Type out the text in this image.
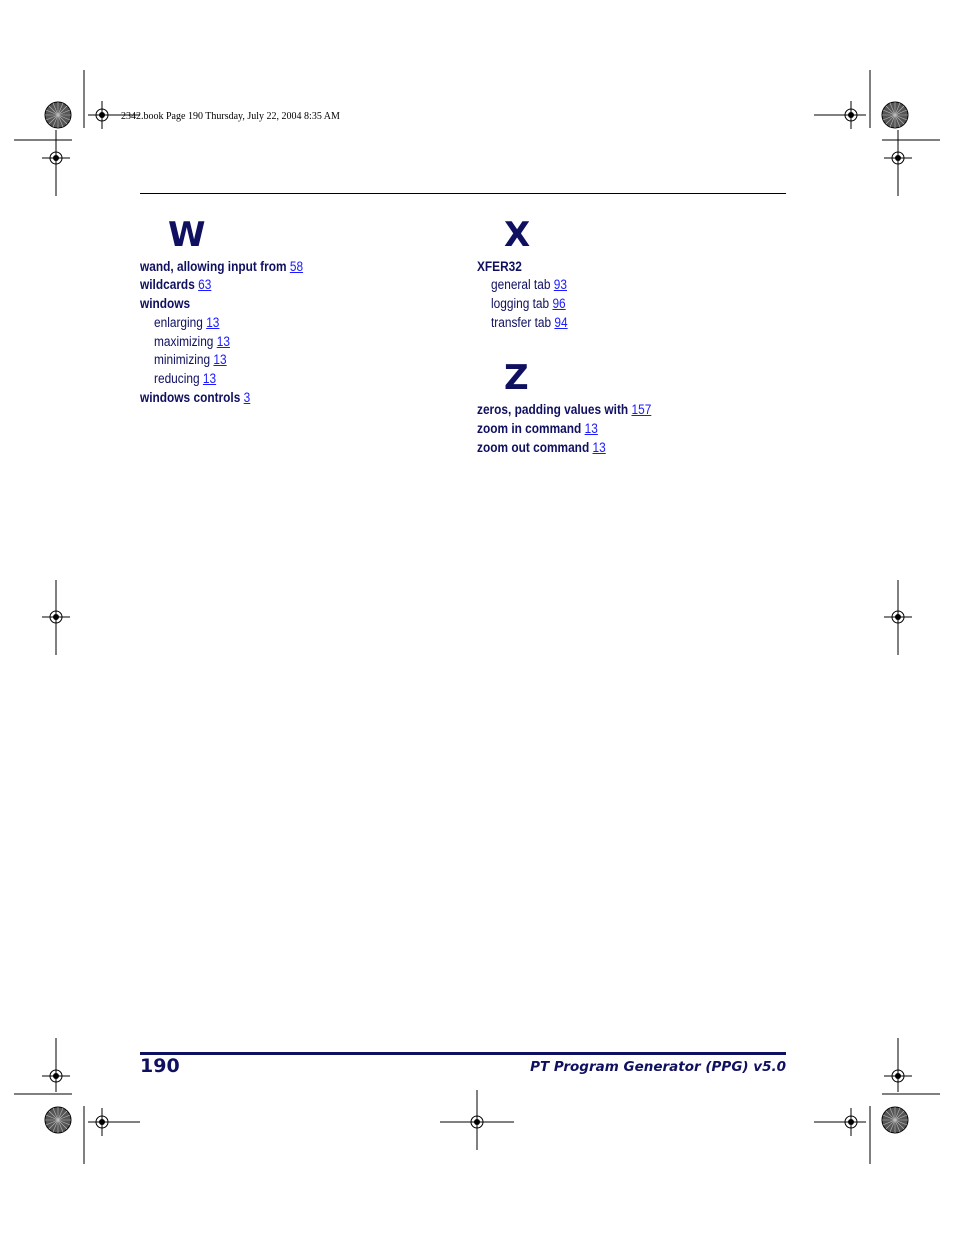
2342.book Page 190 Thursday, July 22, 2004 8:35 AM
W
wand, allowing input from 58
wildcards 63
windows
enlarging 13
maximizing 13
minimizing 13
reducing 13
windows controls 3
X
XFER32
general tab 93
logging tab 96
transfer tab 94
Z
zeros, padding values with 157
zoom in command 13
zoom out command 13
190	PT Program Generator (PPG) v5.0
